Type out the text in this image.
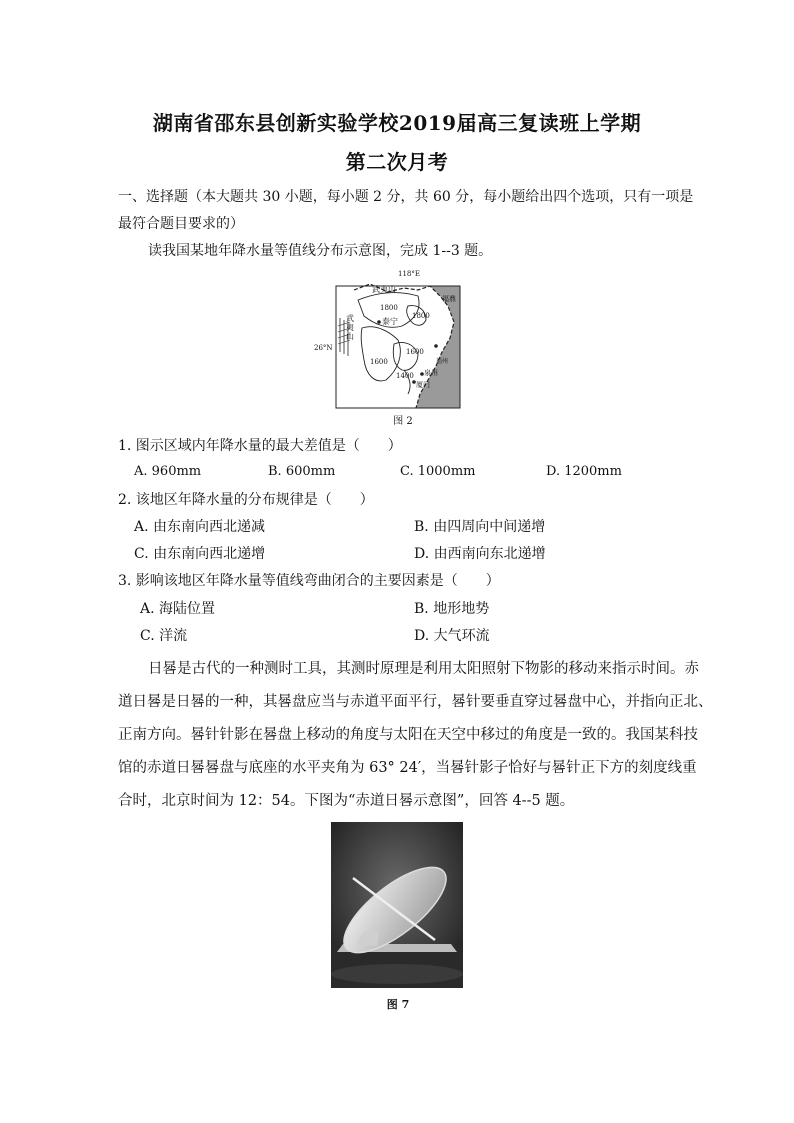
湖南省邵东县创新实验学校2019届高三复读班上学期
第二次月考
一、选择题（本大题共 30 小题，每小题 2 分，共 60 分，每小题给出四个选项，只有一项是
最符合题目要求的）
读我国某地年降水量等值线分布示意图，完成 1--3 题。
118°E
26°N
武夷山
武夷山
福鼎
泰宁
福州
泉州
厦门
1800
1800
1600
1600
1400
图 2
1. 图示区域内年降水量的最大差值是（　　）
A. 960mm	B. 600mm	C. 1000mm	D. 1200mm
2. 该地区年降水量的分布规律是（　　）
A. 由东南向西北递减	B. 由四周向中间递增
C. 由东南向西北递增	D. 由西南向东北递增
3. 影响该地区年降水量等值线弯曲闭合的主要因素是（　　）
A. 海陆位置	B. 地形地势
C. 洋流	D. 大气环流
日晷是古代的一种测时工具，其测时原理是利用太阳照射下物影的移动来指示时间。赤
道日晷是日晷的一种，其晷盘应当与赤道平面平行，晷针要垂直穿过晷盘中心，并指向正北、
正南方向。晷针针影在晷盘上移动的角度与太阳在天空中移过的角度是一致的。我国某科技
馆的赤道日晷晷盘与底座的水平夹角为 63° 24′，当晷针影子恰好与晷针正下方的刻度线重
合时，北京时间为 12：54。下图为“赤道日晷示意图”，回答 4--5 题。
图 7
